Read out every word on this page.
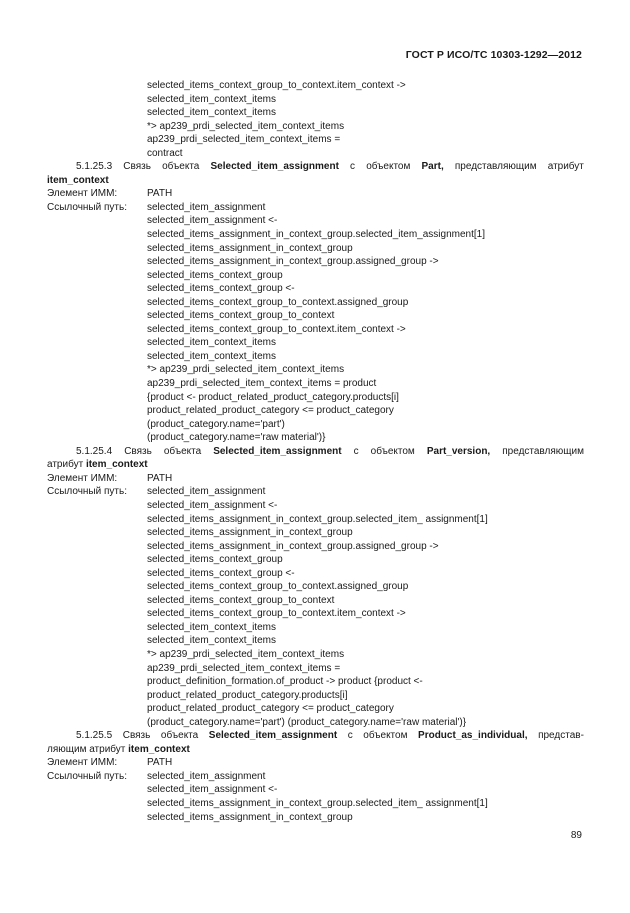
ГОСТ Р ИСО/ТС 10303-1292—2012
selected_items_context_group_to_context.item_context ->
selected_item_context_items
selected_item_context_items
*> ap239_prdi_selected_item_context_items
ap239_prdi_selected_item_context_items =
contract
5.1.25.3 Связь объекта Selected_item_assignment с объектом Part, представляющим атрибут
item_context
Элемент ИММ:	PATH
Ссылочный путь:	selected_item_assignment
selected_item_assignment <-
selected_items_assignment_in_context_group.selected_item_assignment[1]
selected_items_assignment_in_context_group
selected_items_assignment_in_context_group.assigned_group ->
selected_items_context_group
selected_items_context_group <-
selected_items_context_group_to_context.assigned_group
selected_items_context_group_to_context
selected_items_context_group_to_context.item_context ->
selected_item_context_items
selected_item_context_items
*> ap239_prdi_selected_item_context_items
ap239_prdi_selected_item_context_items = product
{product <- product_related_product_category.products[i]
product_related_product_category <= product_category
(product_category.name='part')
(product_category.name='raw material')}
5.1.25.4 Связь объекта Selected_item_assignment с объектом Part_version, представляющим
атрибут item_context
Элемент ИММ:	PATH
Ссылочный путь:	selected_item_assignment
selected_item_assignment <-
selected_items_assignment_in_context_group.selected_item_ assignment[1]
selected_items_assignment_in_context_group
selected_items_assignment_in_context_group.assigned_group ->
selected_items_context_group
selected_items_context_group <-
selected_items_context_group_to_context.assigned_group
selected_items_context_group_to_context
selected_items_context_group_to_context.item_context ->
selected_item_context_items
selected_item_context_items
*> ap239_prdi_selected_item_context_items
ap239_prdi_selected_item_context_items =
product_definition_formation.of_product -> product {product <-
product_related_product_category.products[i]
product_related_product_category <= product_category
(product_category.name='part') (product_category.name='raw material')}
5.1.25.5 Связь объекта Selected_item_assignment с объектом Product_as_individual, представ-
ляющим атрибут item_context
Элемент ИММ:	PATH
Ссылочный путь:	selected_item_assignment
selected_item_assignment <-
selected_items_assignment_in_context_group.selected_item_ assignment[1]
selected_items_assignment_in_context_group
89
